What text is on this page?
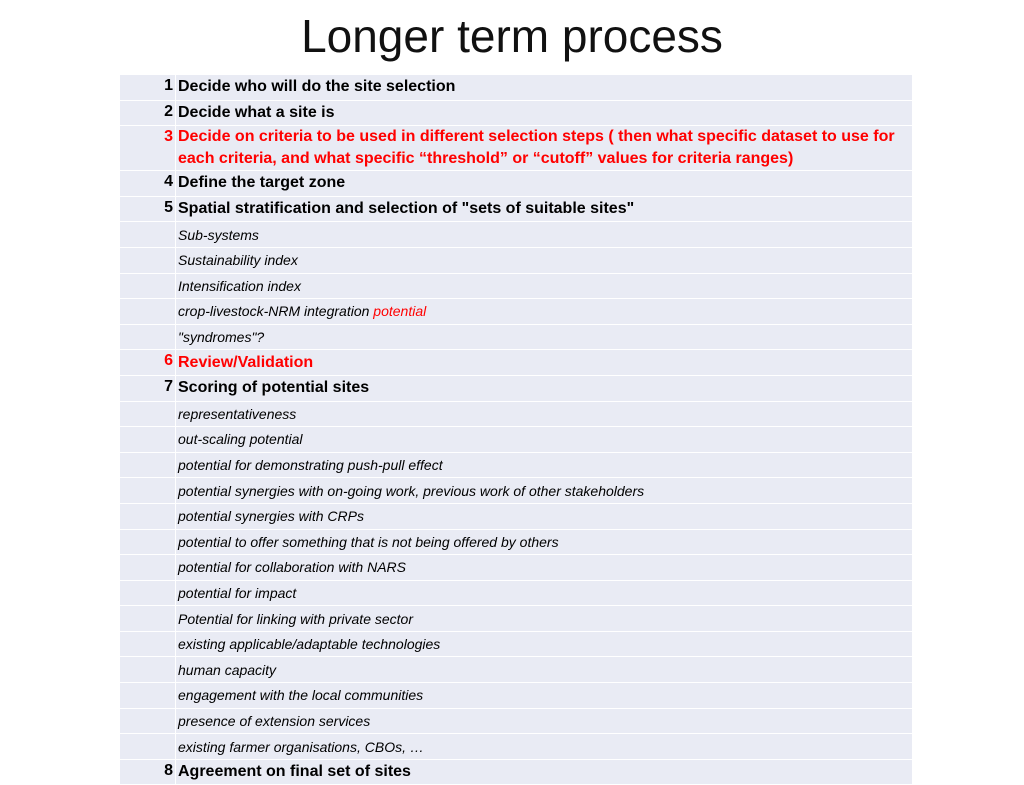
Longer term process
1	Decide who will do the site selection
2	Decide what a site is
3	Decide on criteria to be used in different selection steps ( then what specific dataset to use for each criteria, and what specific “threshold” or “cutoff” values for criteria ranges)
4	Define the target zone
5	Spatial stratification and selection of "sets of suitable sites"
	Sub-systems
	Sustainability index
	Intensification index
	crop-livestock-NRM integration potential
	"syndromes"?
6	Review/Validation
7	Scoring of potential sites
	representativeness
	out-scaling potential
	potential for demonstrating push-pull effect
	potential synergies with on-going work, previous work of other stakeholders
	potential synergies with CRPs
	potential to offer something that is not being offered by others
	potential for collaboration with NARS
	potential for impact
	Potential for linking with private sector
	existing applicable/adaptable technologies
	human capacity
	engagement with the local communities
	presence of extension services
	existing farmer organisations, CBOs, …
8	Agreement on final set of sites
